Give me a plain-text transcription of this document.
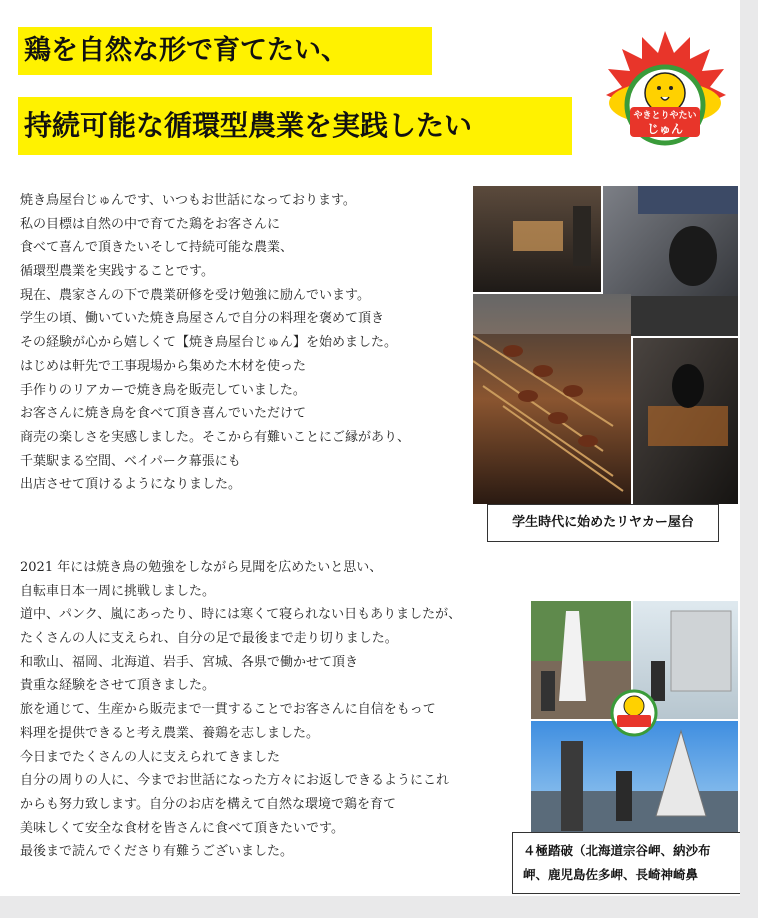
鶏を自然な形で育てたい、
持続可能な循環型農業を実践したい	やきとりやたい
じゅん
焼き鳥屋台じゅんです、いつもお世話になっております。
私の目標は自然の中で育てた鶏をお客さんに
食べて喜んで頂きたいそして持続可能な農業、
循環型農業を実践することです。
現在、農家さんの下で農業研修を受け勉強に励んでいます。
学生の頃、働いていた焼き鳥屋さんで自分の料理を褒めて頂き
その経験が心から嬉しくて【焼き鳥屋台じゅん】を始めました。
はじめは軒先で工事現場から集めた木材を使った
手作りのリアカーで焼き鳥を販売していました。
お客さんに焼き鳥を食べて頂き喜んでいただけて
商売の楽しさを実感しました。そこから有難いことにご縁があり、
千葉駅まる空間、ベイパーク幕張にも
出店させて頂けるようになりました。
学生時代に始めたリヤカー屋台
2021 年には焼き鳥の勉強をしながら見聞を広めたいと思い、
自転車日本一周に挑戦しました。
道中、パンク、嵐にあったり、時には寒くて寝られない日もありましたが、
たくさんの人に支えられ、自分の足で最後まで走り切りました。
和歌山、福岡、北海道、岩手、宮城、各県で働かせて頂き
貴重な経験をさせて頂きました。
旅を通じて、生産から販売まで一貫することでお客さんに自信をもって
料理を提供できると考え農業、養鶏を志しました。
今日までたくさんの人に支えられてきました
自分の周りの人に、今までお世話になった方々にお返しできるようにこれ
からも努力致します。自分のお店を構えて自然な環境で鶏を育て
美味しくて安全な食材を皆さんに食べて頂きたいです。
最後まで読んでくださり有難うございました。	４極踏破（北海道宗谷岬、納沙布
岬、鹿児島佐多岬、長崎神崎鼻
